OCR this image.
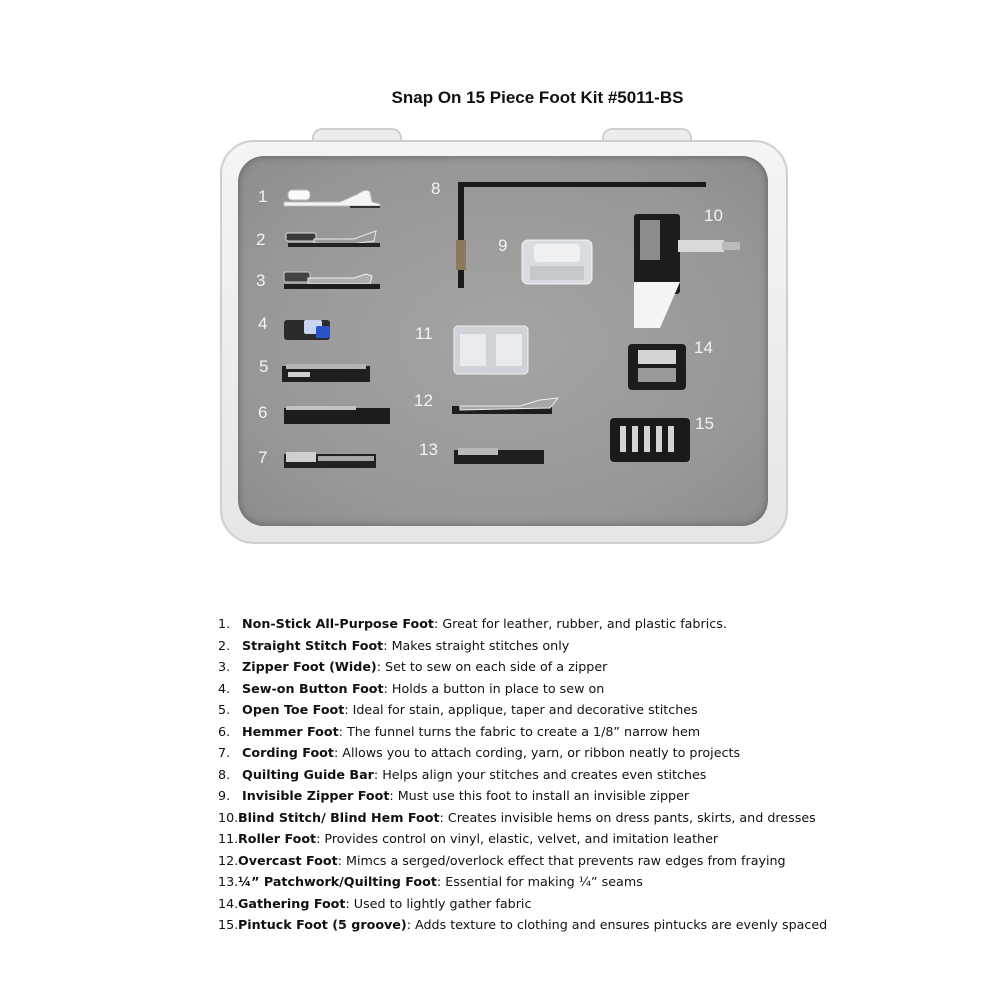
Snap On 15 Piece Foot Kit #5011-BS
1
2
3
4
5
6
7
8
9
10
11
12
13
14
15
1. Non-Stick All-Purpose Foot: Great for leather, rubber, and plastic fabrics.
2. Straight Stitch Foot: Makes straight stitches only
3. Zipper Foot (Wide): Set to sew on each side of a zipper
4. Sew-on Button Foot: Holds a button in place to sew on
5. Open Toe Foot: Ideal for stain, applique, taper and decorative stitches
6. Hemmer Foot: The funnel turns the fabric to create a 1/8” narrow hem
7. Cording Foot: Allows you to attach cording, yarn, or ribbon neatly to projects
8. Quilting Guide Bar: Helps align your stitches and creates even stitches
9. Invisible Zipper Foot: Must use this foot to install an invisible zipper
10.Blind Stitch/ Blind Hem Foot: Creates invisible hems on dress pants, skirts, and dresses
11.Roller Foot: Provides control on vinyl, elastic, velvet, and imitation leather
12.Overcast Foot: Mimcs a serged/overlock effect that prevents raw edges from fraying
13.¼” Patchwork/Quilting Foot: Essential for making ¼” seams
14.Gathering Foot: Used to lightly gather fabric
15.Pintuck Foot (5 groove): Adds texture to clothing and ensures pintucks are evenly spaced
